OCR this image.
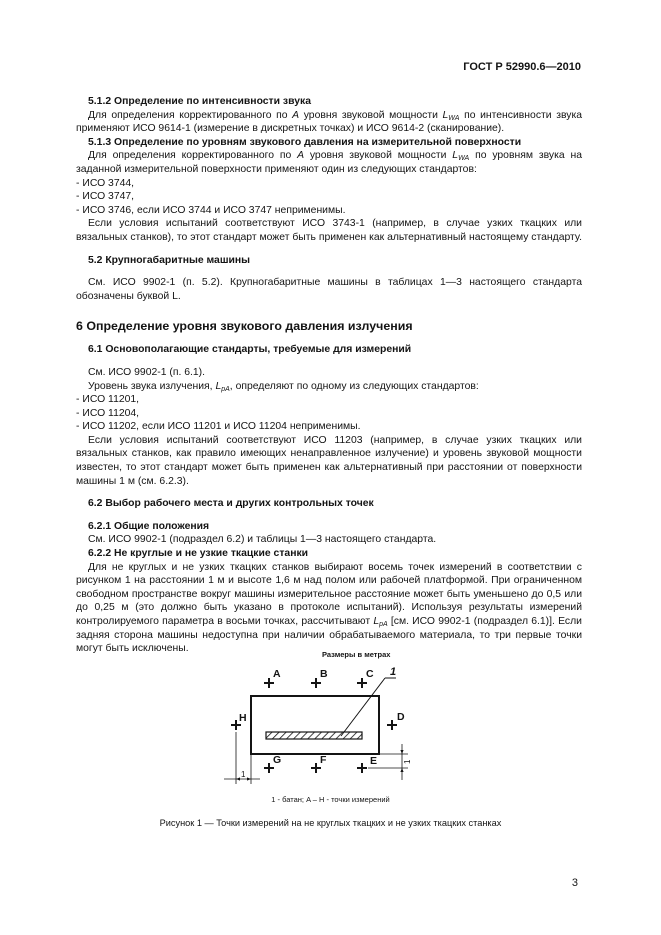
ГОСТ Р 52990.6—2010

5.1.2 Определение по интенсивности звука

Для определения корректированного по A уровня звуковой мощности $L_{WA}$ по интенсивности звука применяют ИСО 9614-1 (измерение в дискретных точках) и ИСО 9614-2 (сканирование).

5.1.3 Определение по уровням звукового давления на измерительной поверхности

Для определения корректированного по A уровня звуковой мощности $L_{WA}$ по уровням звука на заданной измерительной поверхности применяют один из следующих стандартов:

- ИСО 3744,

- ИСО 3747,

- ИСО 3746, если ИСО 3744 и ИСО 3747 неприменимы.

Если условия испытаний соответствуют ИСО 3743-1 (например, в случае узких ткацких или вязальных станков), то этот стандарт может быть применен как альтернативный настоящему стандарту.

5.2 Крупногабаритные машины

См. ИСО 9902-1 (п. 5.2). Крупногабаритные машины в таблицах 1—3 настоящего стандарта обозначены буквой L.

6 Определение уровня звукового давления излучения

6.1 Основополагающие стандарты, требуемые для измерений

См. ИСО 9902-1 (п. 6.1).

Уровень звука излучения, $L_{pA}$, определяют по одному из следующих стандартов:

- ИСО 11201,

- ИСО 11204,

- ИСО 11202, если ИСО 11201 и ИСО 11204 неприменимы.

Если условия испытаний соответствуют ИСО 11203 (например, в случае узких ткацких или вязальных станков, как правило имеющих ненаправленное излучение) и уровень звуковой мощности известен, то этот стандарт может быть применен как альтернативный при расстоянии от поверхности машины 1 м (см. 6.2.3).

6.2 Выбор рабочего места и других контрольных точек

6.2.1 Общие положения

См. ИСО 9902-1 (подраздел 6.2) и таблицы 1—3 настоящего стандарта.

6.2.2 Не круглые и не узкие ткацкие станки

Для не круглых и не узких ткацких станков выбирают восемь точек измерений в соответствии с рисунком 1 на расстоянии 1 м и высоте 1,6 м над полом или рабочей платформой. При ограниченном свободном пространстве вокруг машины измерительное расстояние может быть уменьшено до 0,5 или до 0,25 м (это должно быть указано в протоколе испытаний). Используя результаты измерений контролируемого параметра в восьми точках, рассчитывают $L_{pA}$ [см. ИСО 9902-1 (подраздел 6.1)]. Если задняя сторона машины недоступна при наличии обрабатываемого материала, то три первые точки могут быть исключены.

Размеры в метрах
1
A	B	C
D
E
F
G
H
1
1
1 - батан; A – H - точки измерений
Рисунок 1 — Точки измерений на не круглых ткацких и не узких ткацких станках
3
